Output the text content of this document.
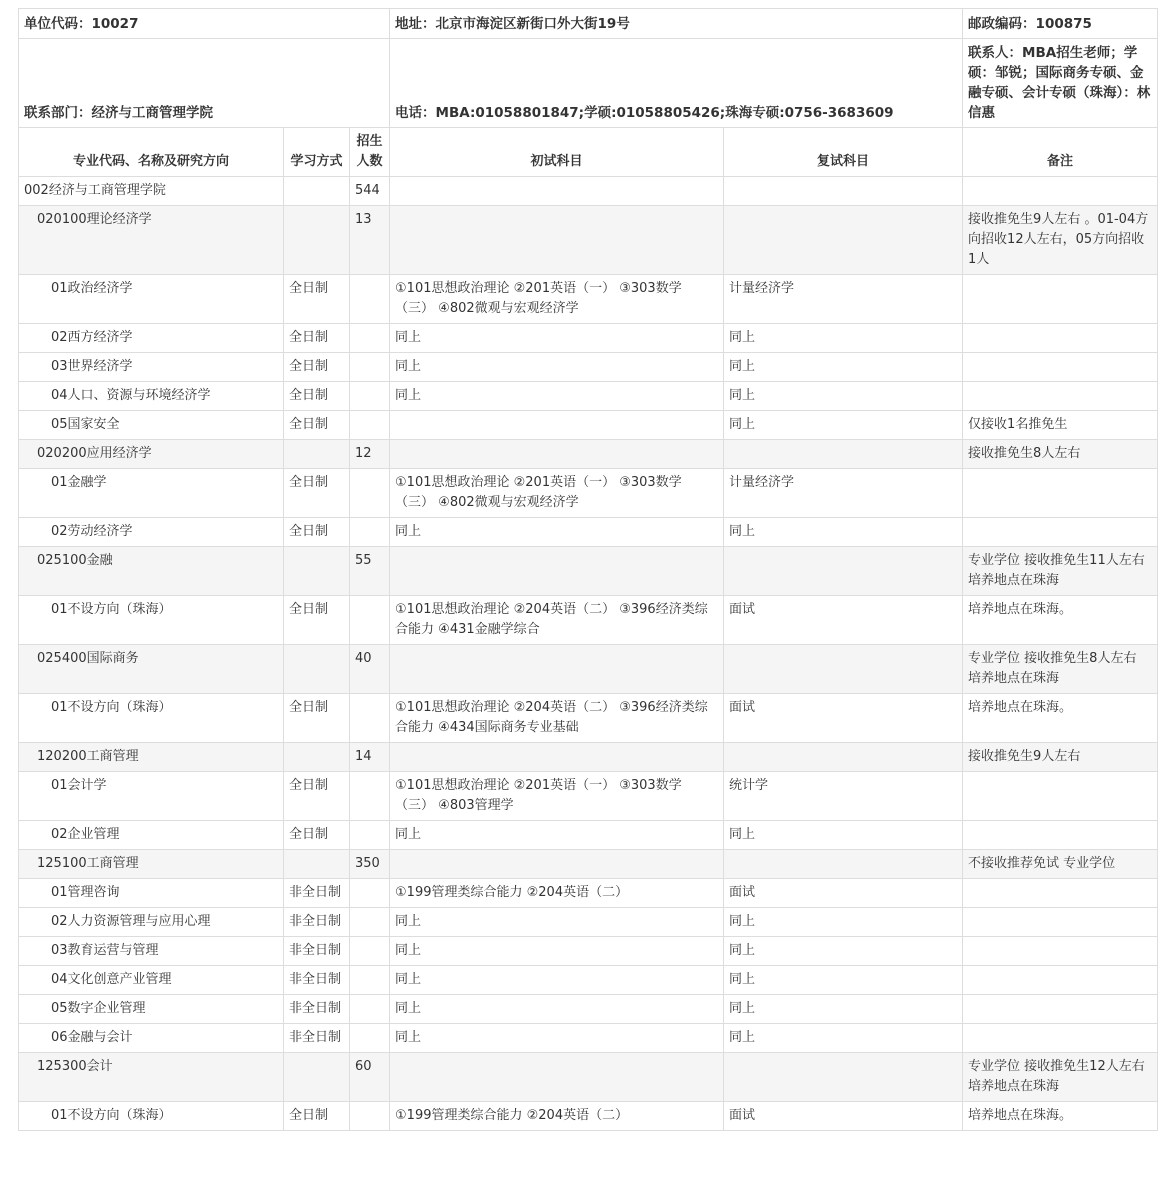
单位代码：10027			地址：北京市海淀区新街口外大街19号		邮政编码：100875
联系部门：经济与工商管理学院			电话：MBA:01058801847;学硕:01058805426;珠海专硕:0756-3683609		联系人：MBA招生老师；学硕：邹锐；国际商务专硕、金融专硕、会计专硕（珠海）：林信惠
专业代码、名称及研究方向	学习方式	招生人数	初试科目	复试科目	备注
002经济与工商管理学院		544			
020100理论经济学		13			接收推免生9人左右 。01-04方向招收12人左右，05方向招收1人
01政治经济学	全日制		①101思想政治理论 ②201英语（一） ③303数学（三） ④802微观与宏观经济学	计量经济学	
02西方经济学	全日制		同上	同上	
03世界经济学	全日制		同上	同上	
04人口、资源与环境经济学	全日制		同上	同上	
05国家安全	全日制			同上	仅接收1名推免生
020200应用经济学		12			接收推免生8人左右
01金融学	全日制		①101思想政治理论 ②201英语（一） ③303数学（三） ④802微观与宏观经济学	计量经济学	
02劳动经济学	全日制		同上	同上	
025100金融		55			专业学位 接收推免生11人左右 培养地点在珠海
01不设方向（珠海）	全日制		①101思想政治理论 ②204英语（二） ③396经济类综合能力 ④431金融学综合	面试	培养地点在珠海。
025400国际商务		40			专业学位 接收推免生8人左右 培养地点在珠海
01不设方向（珠海）	全日制		①101思想政治理论 ②204英语（二） ③396经济类综合能力 ④434国际商务专业基础	面试	培养地点在珠海。
120200工商管理		14			接收推免生9人左右
01会计学	全日制		①101思想政治理论 ②201英语（一） ③303数学（三） ④803管理学	统计学	
02企业管理	全日制		同上	同上	
125100工商管理		350			不接收推荐免试 专业学位
01管理咨询	非全日制		①199管理类综合能力 ②204英语（二）	面试	
02人力资源管理与应用心理	非全日制		同上	同上	
03教育运营与管理	非全日制		同上	同上	
04文化创意产业管理	非全日制		同上	同上	
05数字企业管理	非全日制		同上	同上	
06金融与会计	非全日制		同上	同上	
125300会计		60			专业学位 接收推免生12人左右 培养地点在珠海
01不设方向（珠海）	全日制		①199管理类综合能力 ②204英语（二）	面试	培养地点在珠海。
